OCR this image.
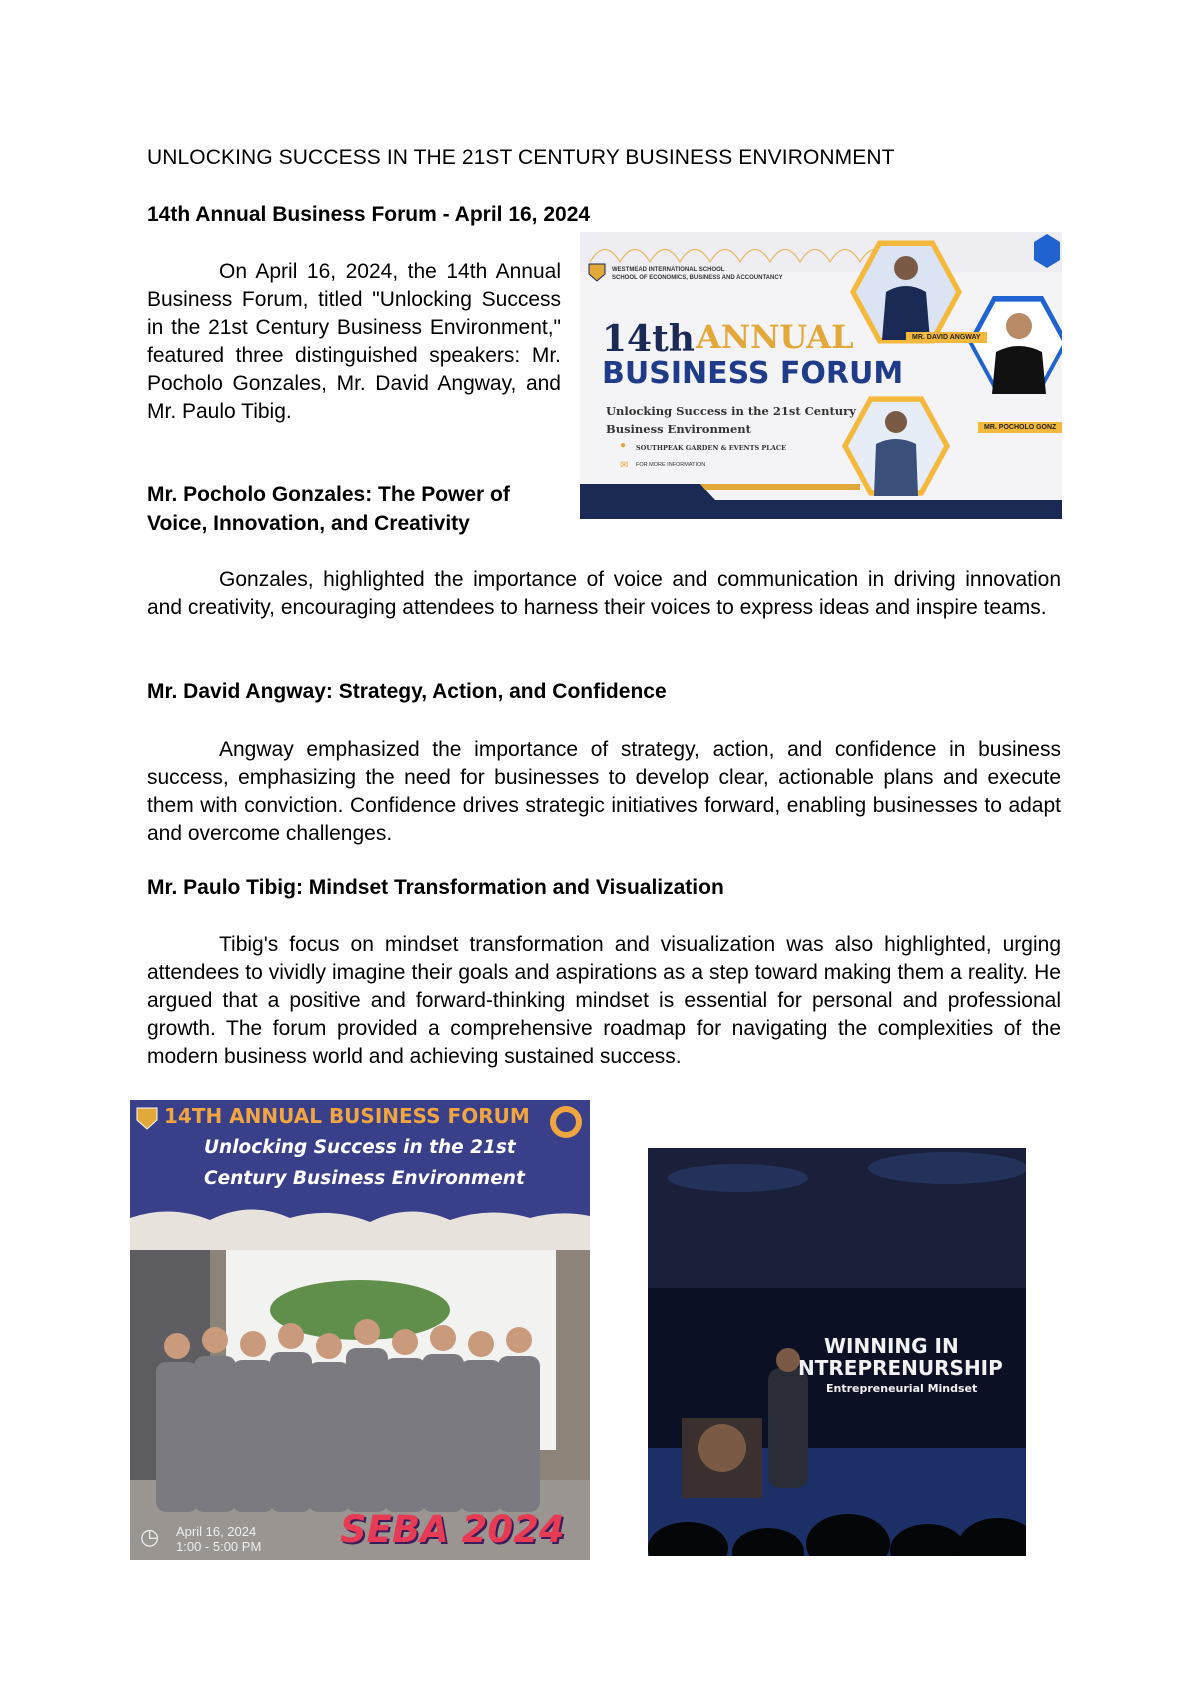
UNLOCKING SUCCESS IN THE 21ST CENTURY BUSINESS ENVIRONMENT
14th Annual Business Forum - April 16, 2024
On April 16, 2024, the 14th Annual Business Forum, titled "Unlocking Success in the 21st Century Business Environment," featured three distinguished speakers: Mr. Pocholo Gonzales, Mr. David Angway, and Mr. Paulo Tibig.
WESTMEAD INTERNATIONAL SCHOOL
SCHOOL OF ECONOMICS, BUSINESS AND ACCOUNTANCY
14th ANNUAL
BUSINESS FORUM
Unlocking Success in the 21st Century
Business Environment
● SOUTHPEAK GARDEN & EVENTS PLACE
✉ FOR MORE INFORMATION
MR. DAVID ANGWAY
MR. POCHOLO GONZ
Mr. Pocholo Gonzales: The Power of Voice, Innovation, and Creativity
Gonzales, highlighted the importance of voice and communication in driving innovation and creativity, encouraging attendees to harness their voices to express ideas and inspire teams.
Mr. David Angway: Strategy, Action, and Confidence
Angway emphasized the importance of strategy, action, and confidence in business success, emphasizing the need for businesses to develop clear, actionable plans and execute them with conviction. Confidence drives strategic initiatives forward, enabling businesses to adapt and overcome challenges.
Mr. Paulo Tibig: Mindset Transformation and Visualization
Tibig's focus on mindset transformation and visualization was also highlighted, urging attendees to vividly imagine their goals and aspirations as a step toward making them a reality. He argued that a positive and forward-thinking mindset is essential for personal and professional growth. The forum provided a comprehensive roadmap for navigating the complexities of the modern business world and achieving sustained success.
14TH ANNUAL BUSINESS FORUM
Unlocking Success in the 21st
Century Business Environment
◷ April 16, 2024
1:00 - 5:00 PM SEBA 2024
WINNING IN
NTREPRENURSHIP
Entrepreneurial Mindset
